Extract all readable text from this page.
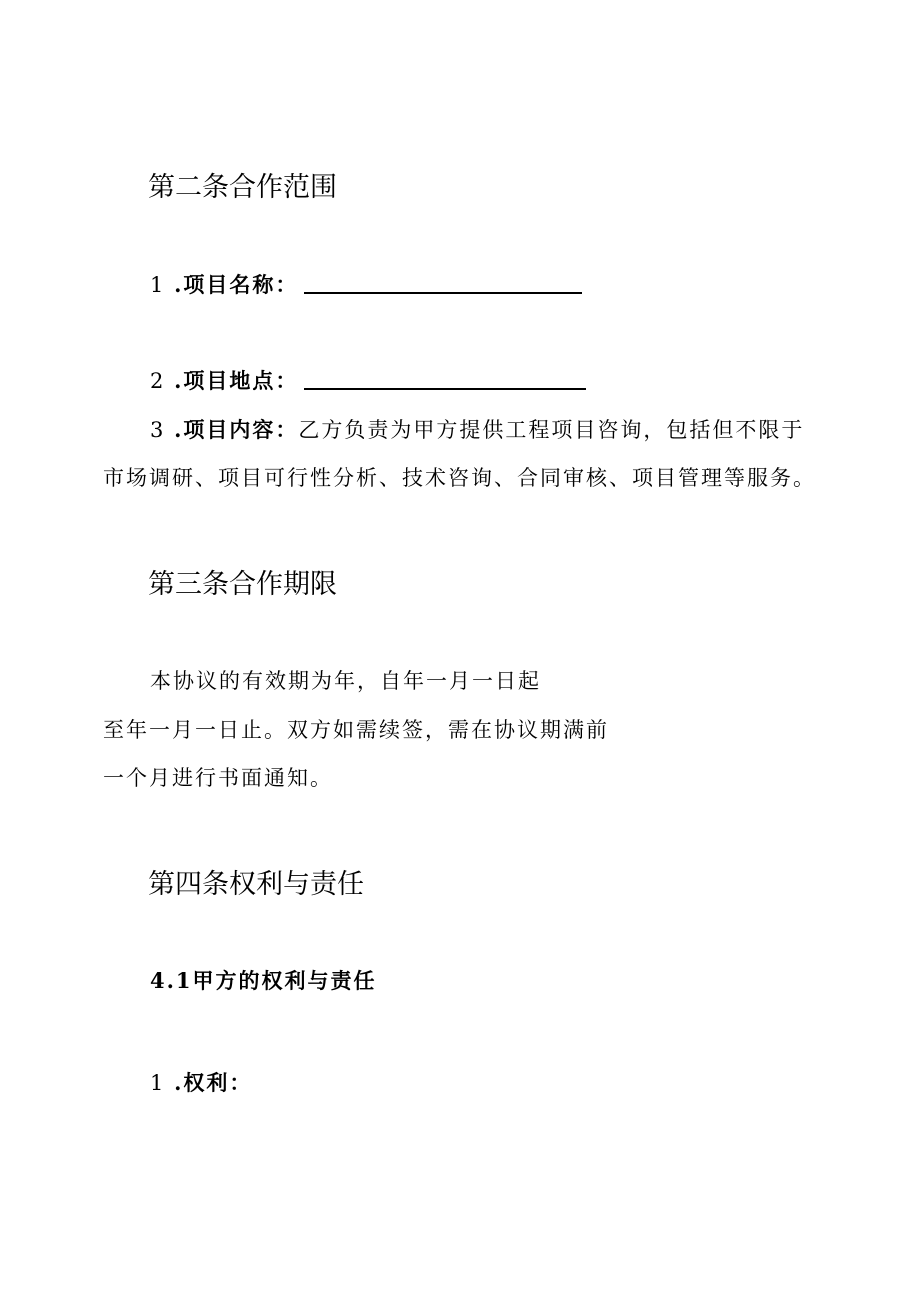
第二条合作范围
1 .项目名称：
2 .项目地点：
3 .项目内容：乙方负责为甲方提供工程项目咨询，包括但不限于
市场调研、项目可行性分析、技术咨询、合同审核、项目管理等服务。
第三条合作期限
本协议的有效期为年，自年一月一日起
至年一月一日止。双方如需续签，需在协议期满前
一个月进行书面通知。
第四条权利与责任
4.1甲方的权利与责任
1 .权利：
